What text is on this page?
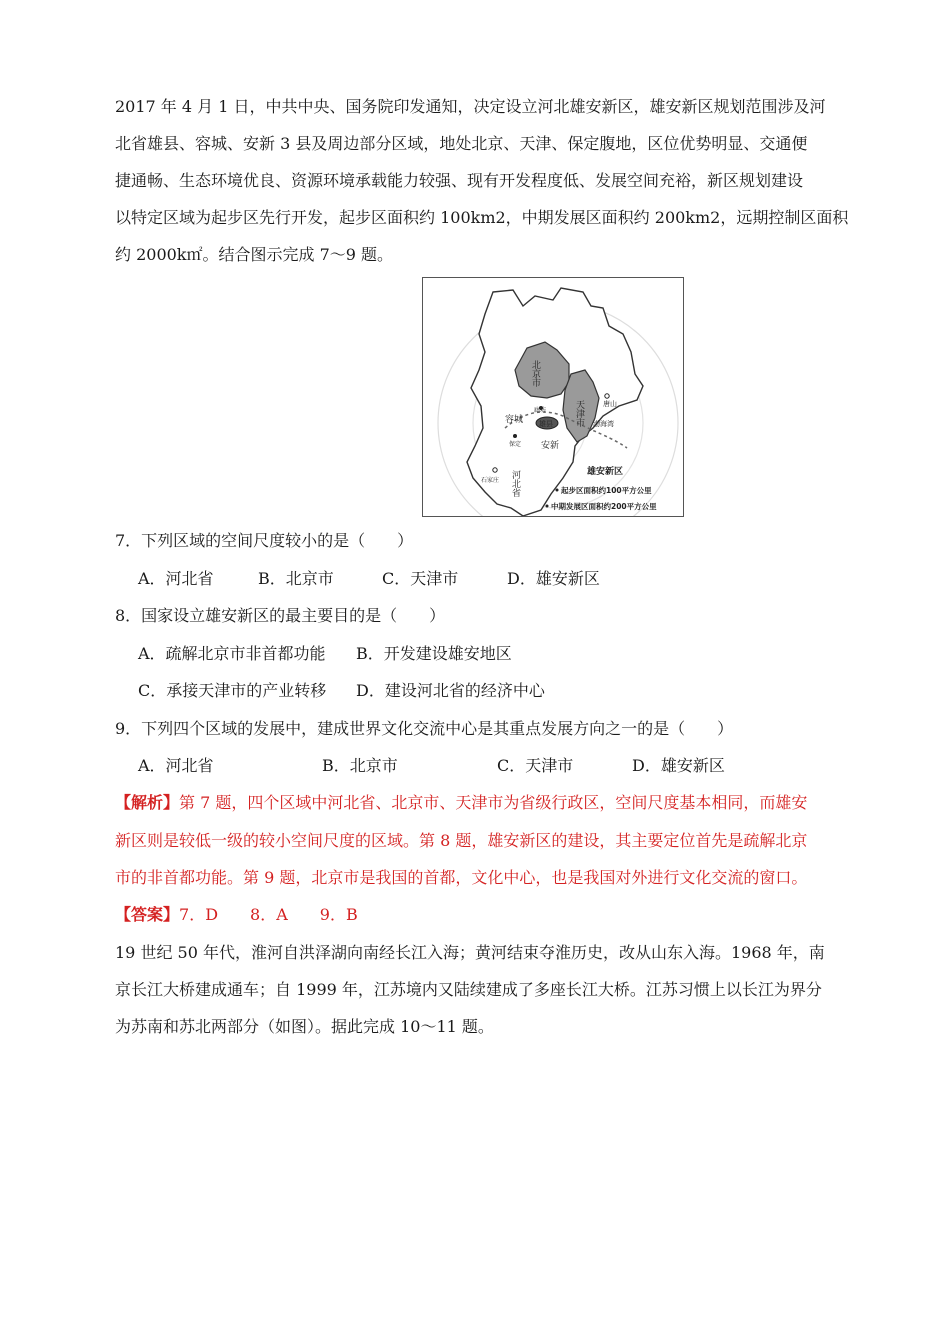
2017 年 4 月 1 日，中共中央、国务院印发通知，决定设立河北雄安新区，雄安新区规划范围涉及河
北省雄县、容城、安新 3 县及周边部分区域，地处北京、天津、保定腹地，区位优势明显、交通便
捷通畅、生态环境优良、资源环境承载能力较强、现有开发程度低、发展空间充裕，新区规划建设
以特定区域为起步区先行开发，起步区面积约 100km2，中期发展区面积约 200km2，远期控制区面积
约 2000k㎡。结合图示完成 7～9 题。
北京市
天津市
河北省
容城 雄县
安新
廊坊
唐山
渤海湾
保定
石家庄
雄安新区
起步区面积约100平方公里
中期发展区面积约200平方公里
7．下列区域的空间尺度较小的是（　　）
A．河北省	B．北京市	C．天津市	D．雄安新区
8．国家设立雄安新区的最主要目的是（　　）
A．疏解北京市非首都功能 B．开发建设雄安地区
C．承接天津市的产业转移 D．建设河北省的经济中心
9．下列四个区域的发展中，建成世界文化交流中心是其重点发展方向之一的是（　　）
A．河北省	B．北京市	C．天津市	D．雄安新区
【解析】第 7 题，四个区域中河北省、北京市、天津市为省级行政区，空间尺度基本相同，而雄安
新区则是较低一级的较小空间尺度的区域。第 8 题，雄安新区的建设，其主要定位首先是疏解北京
市的非首都功能。第 9 题，北京市是我国的首都，文化中心，也是我国对外进行文化交流的窗口。
【答案】7．D　　8．A　　9．B
19 世纪 50 年代，淮河自洪泽湖向南经长江入海；黄河结束夺淮历史，改从山东入海。1968 年，南
京长江大桥建成通车；自 1999 年，江苏境内又陆续建成了多座长江大桥。江苏习惯上以长江为界分
为苏南和苏北两部分（如图）。据此完成 10～11 题。
